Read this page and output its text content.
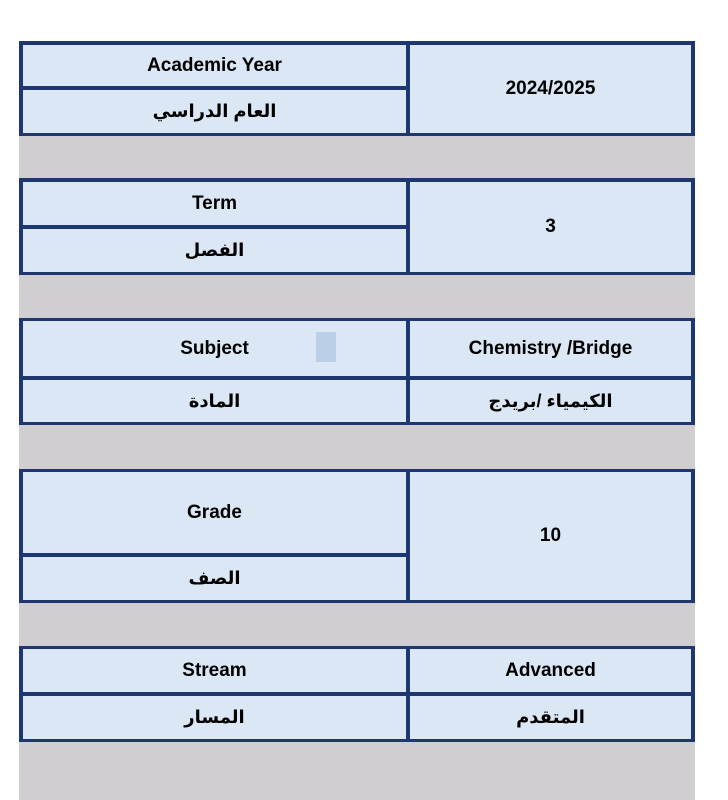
Academic Year
العام الدراسي
2024/2025
Term
الفصل
3
Subject
المادة
Chemistry /Bridge
الكيمياء /بريدج
Grade
الصف
10
Stream
المسار
Advanced
المتقدم
